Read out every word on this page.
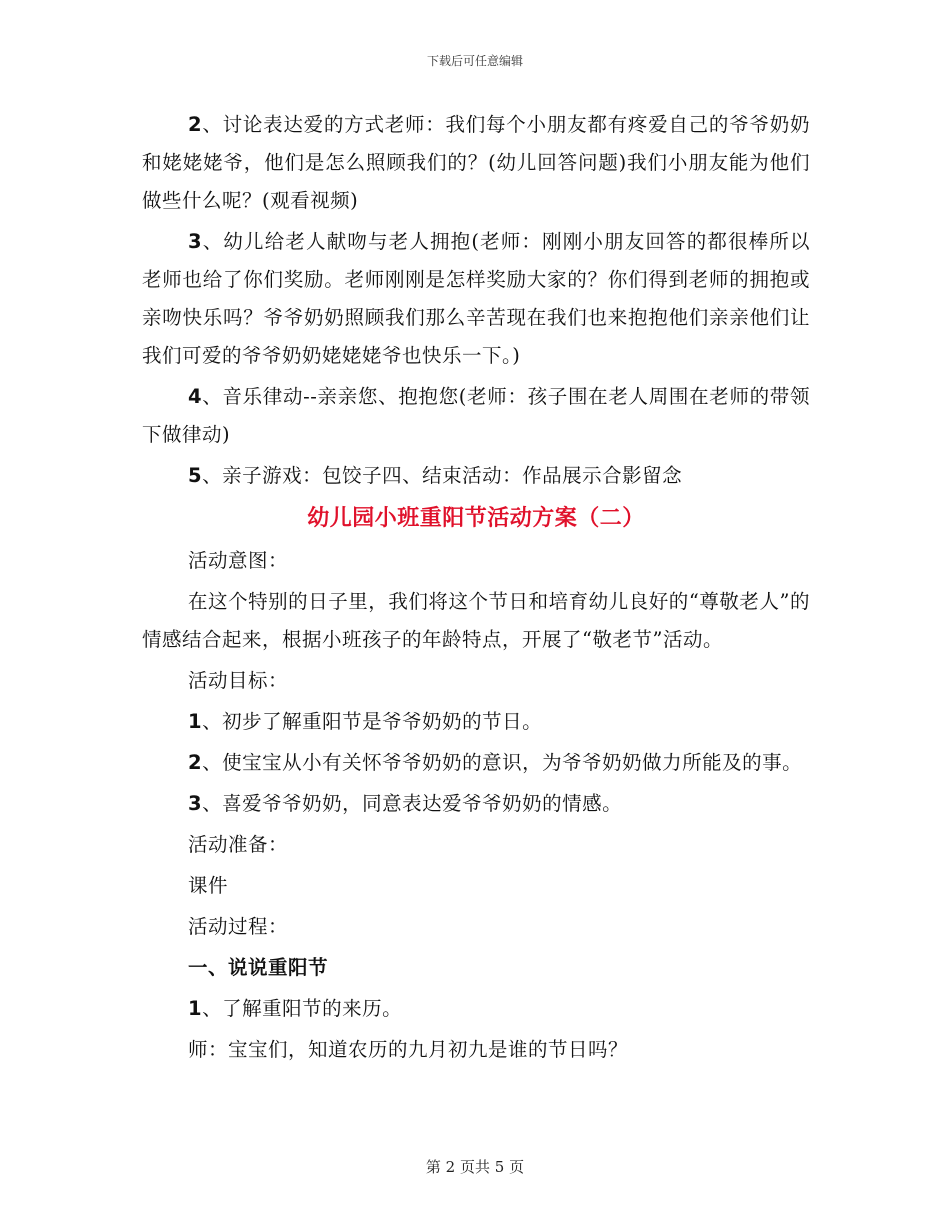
下载后可任意编辑

2、讨论表达爱的方式老师：我们每个小朋友都有疼爱自己的爷爷奶奶和姥姥姥爷，他们是怎么照顾我们的？(幼儿回答问题)我们小朋友能为他们做些什么呢？(观看视频)

3、幼儿给老人献吻与老人拥抱(老师：刚刚小朋友回答的都很棒所以老师也给了你们奖励。老师刚刚是怎样奖励大家的？你们得到老师的拥抱或亲吻快乐吗？爷爷奶奶照顾我们那么辛苦现在我们也来抱抱他们亲亲他们让我们可爱的爷爷奶奶姥姥姥爷也快乐一下。)

4、音乐律动--亲亲您、抱抱您(老师：孩子围在老人周围在老师的带领下做律动)

5、亲子游戏：包饺子四、结束活动：作品展示合影留念

幼儿园小班重阳节活动方案（二）

活动意图：

在这个特别的日子里，我们将这个节日和培育幼儿良好的“尊敬老人”的情感结合起来，根据小班孩子的年龄特点，开展了“敬老节”活动。

活动目标：

1、初步了解重阳节是爷爷奶奶的节日。

2、使宝宝从小有关怀爷爷奶奶的意识，为爷爷奶奶做力所能及的事。

3、喜爱爷爷奶奶，同意表达爱爷爷奶奶的情感。

活动准备：

课件

活动过程：

一、说说重阳节

1、了解重阳节的来历。

师：宝宝们，知道农历的九月初九是谁的节日吗？

第 2 页共 5 页
